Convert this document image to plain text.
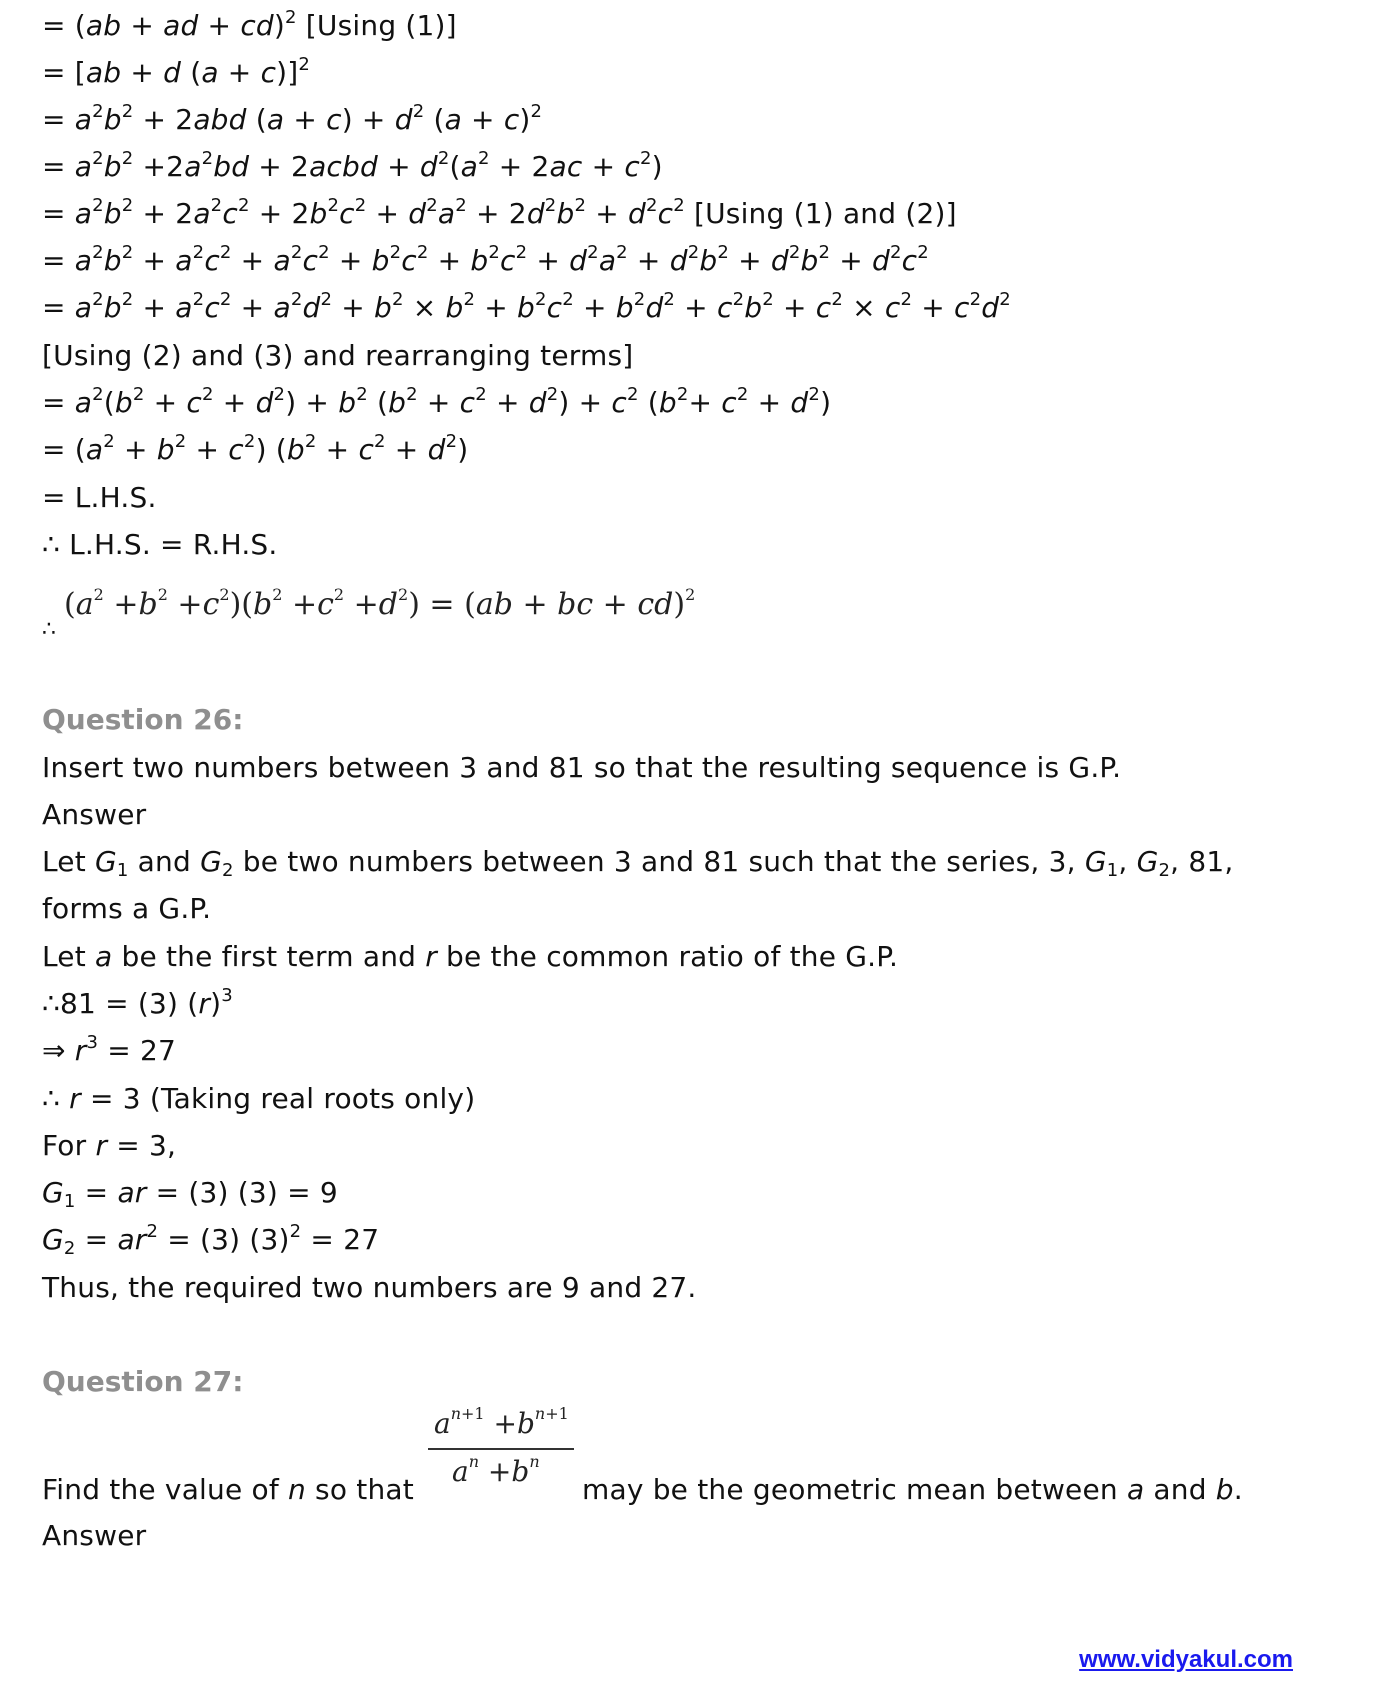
= (ab + ad + cd)$^2$ [Using (1)]
= [ab + d (a + c)]$^2$
= $a^2b^2 + 2abd$ $(a + c) + d^2$ $(a + c)^2$
= $a^2b^2 +2a^2bd$ + 2acbd + $d^2(a^2 + 2ac + c^2)$
= $a^2b^2 + 2a^2c^2 + 2b^2c^2 + d^2a^2 + 2d^2b^2 + d^2c^2$ [Using (1) and (2)]
= $a^2b^2 + a^2c^2 + a^2c^2 + b^2c^2 + b^2c^2 + d^2a^2 + d^2b^2 + d^2b^2 + d^2c^2$
= $a^2b^2 + a^2c^2 + a^2d^2 + b^2 \times b^2 + b^2c^2 + b^2d^2 + c^2b^2 + c^2 \times c^2 + c^2d^2$
[Using (2) and (3) and rearranging terms]
= $a^2(b^2 + c^2 + d^2) + b^2$ $(b^2 + c^2 + d^2) + c^2$ $(b^2+ c^2 + d^2)$
= $(a^2 + b^2 + c^2) (b^2 + c^2 + d^2)$
= L.H.S.
∴ L.H.S. = R.H.S.
∴
$(a^2 +b^2 +c^2)(b^2 +c^2 +d^2) = (ab$ + bc + cd)$^2$
Question 26:
Insert two numbers between 3 and 81 so that the resulting sequence is G.P.
Answer
Let $G_1$ and $G_2$ be two numbers between 3 and 81 such that the series, 3, $G_1$, $G_2$, 81,
forms a G.P.
Let a be the first term and r be the common ratio of the G.P.
∴81 = (3) $(r)^3$
⇒ $r^3 = 27$
∴ r = 3 (Taking real roots only)
For r = 3,
$G_1$ = ar = (3) (3) = 9
$G_2 = ar^2 = (3) (3)^2 = 27$
Thus, the required two numbers are 9 and 27.
Question 27:
Find the value of n so that
$a^{n+1} +b^{n+1}$
$a^n +b^n$
may be the geometric mean between a and b.
Answer
www.vidyakul.com
